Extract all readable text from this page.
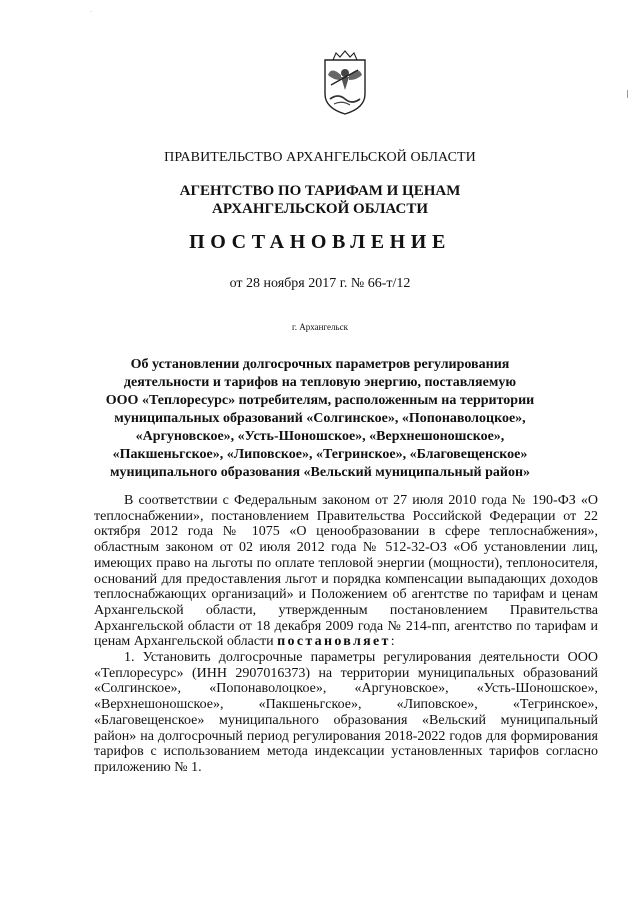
·
ПРАВИТЕЛЬСТВО АРХАНГЕЛЬСКОЙ ОБЛАСТИ
АГЕНТСТВО ПО ТАРИФАМ И ЦЕНАМ
АРХАНГЕЛЬСКОЙ ОБЛАСТИ
ПОСТАНОВЛЕНИЕ
от 28 ноября 2017 г. № 66-т/12
г. Архангельск
Об установлении долгосрочных параметров регулирования
деятельности и тарифов на тепловую энергию, поставляемую
ООО «Теплоресурс» потребителям, расположенным на территории
муниципальных образований «Солгинское», «Попонаволоцкое»,
«Аргуновское», «Усть-Шоношское», «Верхнешоношское»,
«Пакшеньгское», «Липовское», «Тегринское», «Благовещенское»
муниципального образования «Вельский муниципальный район»

В соответствии с Федеральным законом от 27 июля 2010 года № 190-ФЗ «О теплоснабжении», постановлением Правительства Российской Федерации от 22 октября 2012 года № 1075 «О ценообразовании в сфере теплоснабжения», областным законом от 02 июля 2012 года № 512-32-ОЗ «Об установлении лиц, имеющих право на льготы по оплате тепловой энергии (мощности), теплоносителя, оснований для предоставления льгот и порядка компенсации выпадающих доходов теплоснабжающих организаций» и Положением об агентстве по тарифам и ценам Архангельской области, утвержденным постановлением Правительства Архангельской области от 18 декабря 2009 года № 214-пп, агентство по тарифам и ценам Архангельской области постановляет:

1. Установить долгосрочные параметры регулирования деятельности ООО «Теплоресурс» (ИНН 2907016373) на территории муниципальных образований «Солгинское», «Попонаволоцкое», «Аргуновское», «Усть-Шоношское», «Верхнешоношское», «Пакшеньгское», «Липовское», «Тегринское», «Благовещенское» муниципального образования «Вельский муниципальный район» на долгосрочный период регулирования 2018-2022 годов для формирования тарифов с использованием метода индексации установленных тарифов согласно приложению № 1.
